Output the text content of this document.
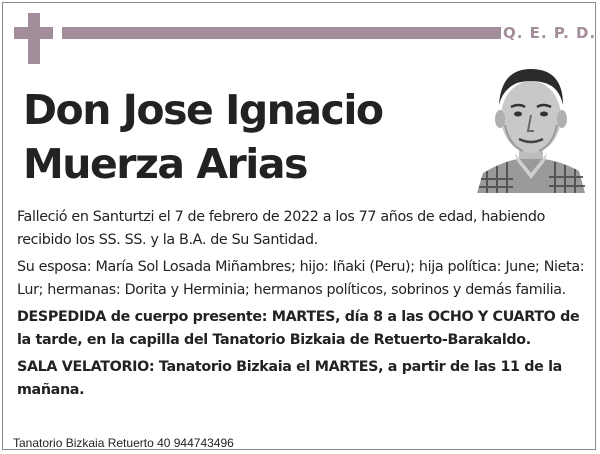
Q. E. P. D.
Don Jose Ignacio
Muerza Arias

Falleció en Santurtzi el 7 de febrero de 2022 a los 77 años de edad, habiendo recibido los SS. SS. y la B.A. de Su Santidad.

Su esposa: María Sol Losada Miñambres; hijo: Iñaki (Peru); hija política: June; Nieta: Lur; hermanas: Dorita y Herminia; hermanos políticos, sobrinos y demás familia.

DESPEDIDA de cuerpo presente: MARTES, día 8 a las OCHO Y CUARTO de la tarde, en la capilla del Tanatorio Bizkaia de Retuerto-Barakaldo.

SALA VELATORIO: Tanatorio Bizkaia el MARTES, a partir de las 11 de la mañana.

Tanatorio Bizkaia Retuerto 40 944743496
